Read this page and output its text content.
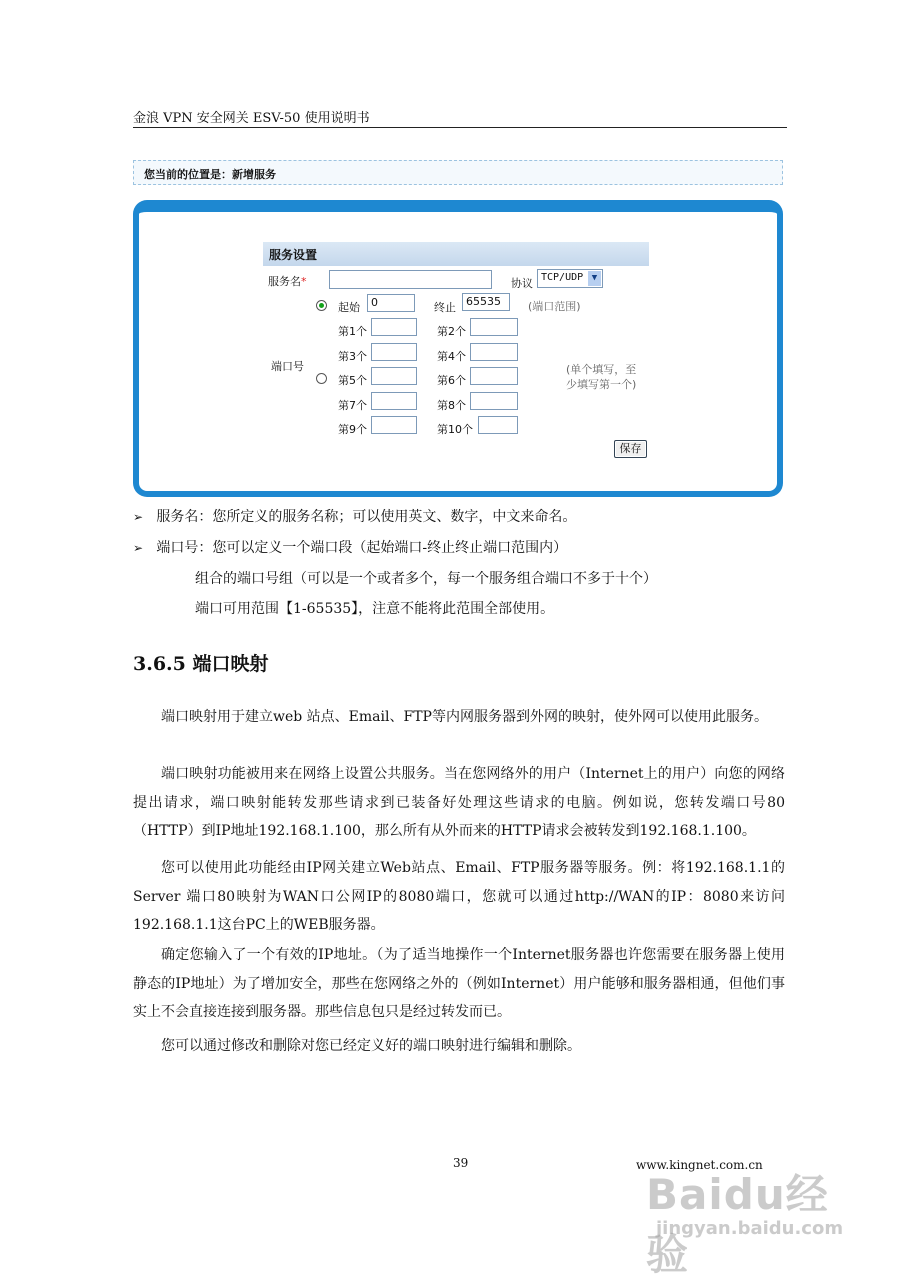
金浪 VPN 安全网关 ESV-50 使用说明书
您当前的位置是：新增服务
服务设置
服务名*	协议 TCP/UDP ▼
端口号
起始	0	终止 65535	(端口范围)
第1个	第2个
第3个	第4个
第5个	第6个
第7个	第8个
第9个	第10个
(单个填写，至少填写第一个)
保存
➢ 服务名：您所定义的服务名称；可以使用英文、数字，中文来命名。
➢ 端口号：您可以定义一个端口段（起始端口-终止终止端口范围内）
组合的端口号组（可以是一个或者多个，每一个服务组合端口不多于十个）
端口可用范围【1-65535】，注意不能将此范围全部使用。
3.6.5 端口映射

端口映射用于建立web 站点、Email、FTP等内网服务器到外网的映射，使外网可以使用此服务。

端口映射功能被用来在网络上设置公共服务。当在您网络外的用户（Internet上的用户）向您的网络提出请求，端口映射能转发那些请求到已装备好处理这些请求的电脑。例如说，您转发端口号80（HTTP）到IP地址192.168.1.100，那么所有从外而来的HTTP请求会被转发到192.168.1.100。

您可以使用此功能经由IP网关建立Web站点、Email、FTP服务器等服务。例：将192.168.1.1的Server 端口80映射为WAN口公网IP的8080端口，您就可以通过http://WAN的IP：8080来访问192.168.1.1这台PC上的WEB服务器。

确定您输入了一个有效的IP地址。（为了适当地操作一个Internet服务器也许您需要在服务器上使用静态的IP地址）为了增加安全，那些在您网络之外的（例如Internet）用户能够和服务器相通，但他们事实上不会直接连接到服务器。那些信息包只是经过转发而已。

您可以通过修改和删除对您已经定义好的端口映射进行编辑和删除。

39	www.kingnet.com.cn
Baidu经验
jingyan.baidu.com
